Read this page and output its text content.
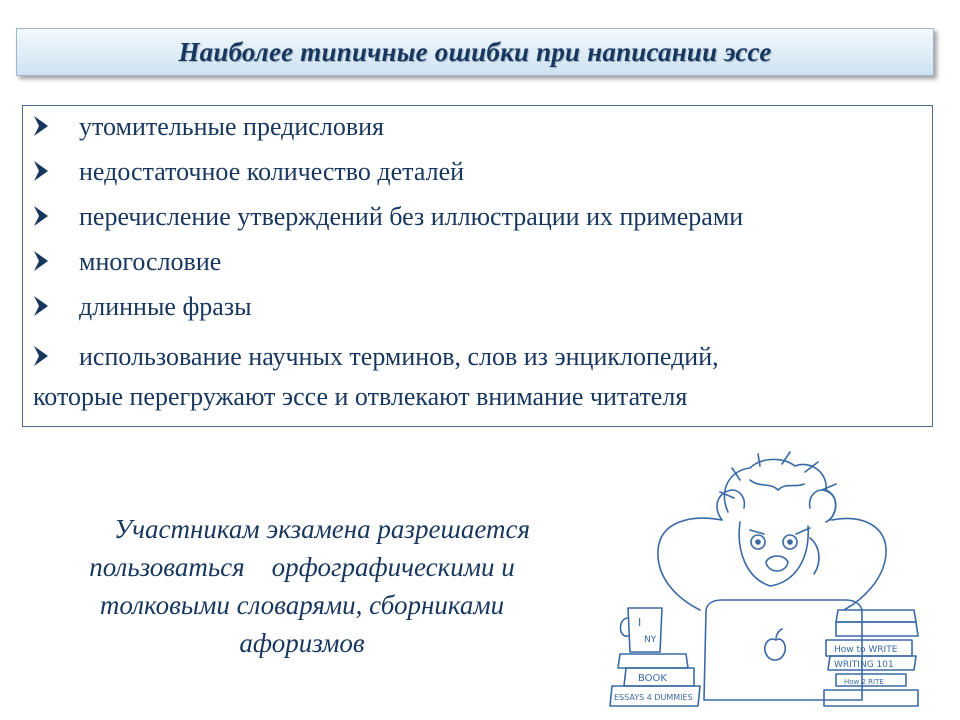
Наиболее типичные ошибки при написании эссе
утомительные предисловия
недостаточное количество деталей
перечисление утверждений без иллюстрации их примерами
многословие
длинные фразы
использование научных терминов, слов из энциклопедий,
которые перегружают эссе и отвлекают внимание читателя
Участникам экзамена разрешается
пользоваться    орфографическими и
толковыми словарями, сборниками
афоризмов
I
NY
BOOK
ESSAYS 4 DUMMIES
How to WRITE
WRITING 101
How 2 RITE
